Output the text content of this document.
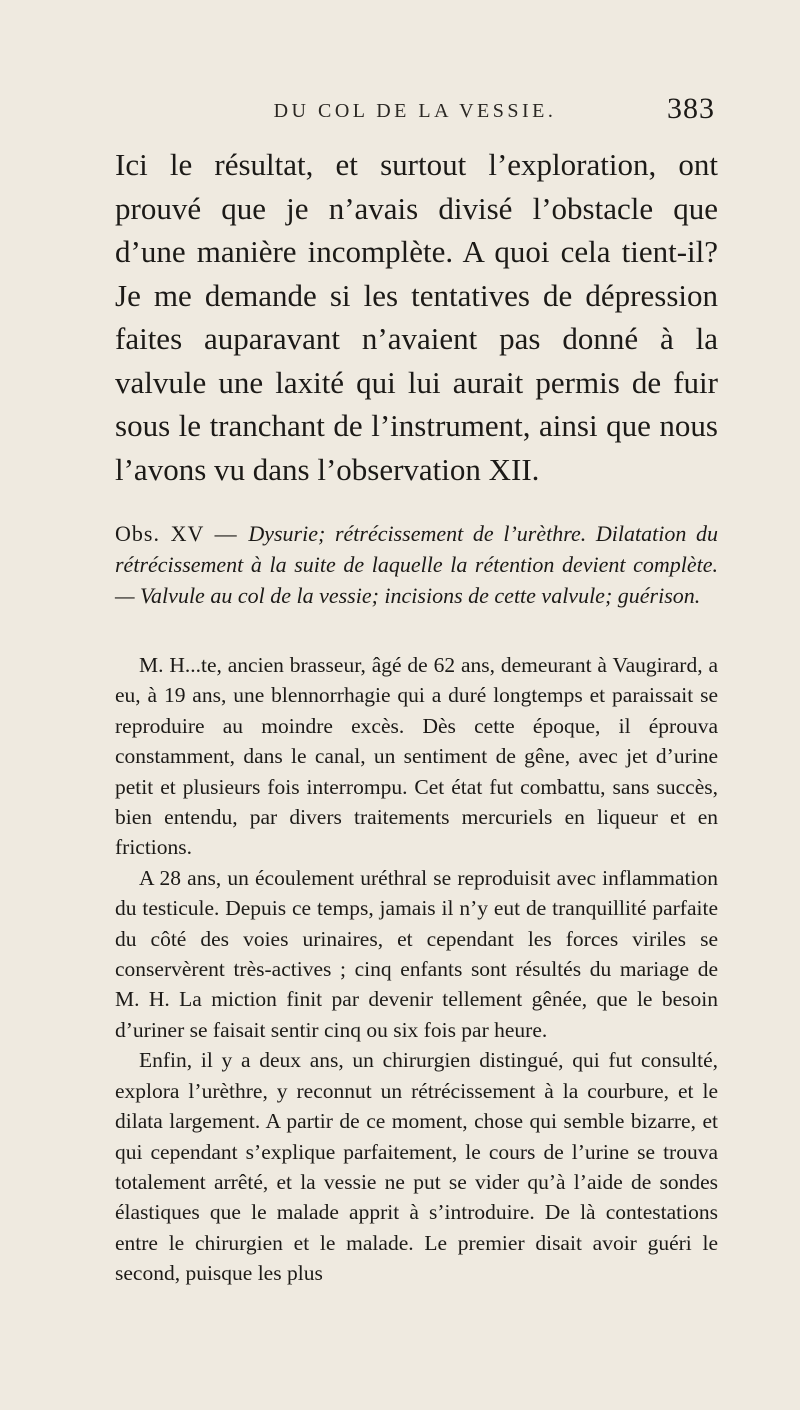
DU COL DE LA VESSIE.	383
Ici le résultat, et surtout l’exploration, ont prouvé que je n’avais divisé l’obstacle que d’une manière incomplète. A quoi cela tient-il? Je me demande si les tentatives de dépression faites auparavant n’avaient pas donné à la valvule une laxité qui lui aurait permis de fuir sous le tranchant de l’instrument, ainsi que nous l’avons vu dans l’observation XII.
Obs. XV — Dysurie; rétrécissement de l’urèthre. Dilatation du rétrécissement à la suite de laquelle la rétention devient complète. — Valvule au col de la vessie; incisions de cette valvule; guérison.

M. H...te, ancien brasseur, âgé de 62 ans, demeurant à Vaugirard, a eu, à 19 ans, une blennorrhagie qui a duré longtemps et paraissait se reproduire au moindre excès. Dès cette époque, il éprouva constamment, dans le canal, un sentiment de gêne, avec jet d’urine petit et plusieurs fois interrompu. Cet état fut combattu, sans succès, bien entendu, par divers traitements mercuriels en liqueur et en frictions.

A 28 ans, un écoulement uréthral se reproduisit avec inflammation du testicule. Depuis ce temps, jamais il n’y eut de tranquillité parfaite du côté des voies urinaires, et cependant les forces viriles se conservèrent très-actives ; cinq enfants sont résultés du mariage de M. H. La miction finit par devenir tellement gênée, que le besoin d’uriner se faisait sentir cinq ou six fois par heure.

Enfin, il y a deux ans, un chirurgien distingué, qui fut consulté, explora l’urèthre, y reconnut un rétrécissement à la courbure, et le dilata largement. A partir de ce moment, chose qui semble bizarre, et qui cependant s’explique parfaitement, le cours de l’urine se trouva totalement arrêté, et la vessie ne put se vider qu’à l’aide de sondes élastiques que le malade apprit à s’introduire. De là contestations entre le chirurgien et le malade. Le premier disait avoir guéri le second, puisque les plus
